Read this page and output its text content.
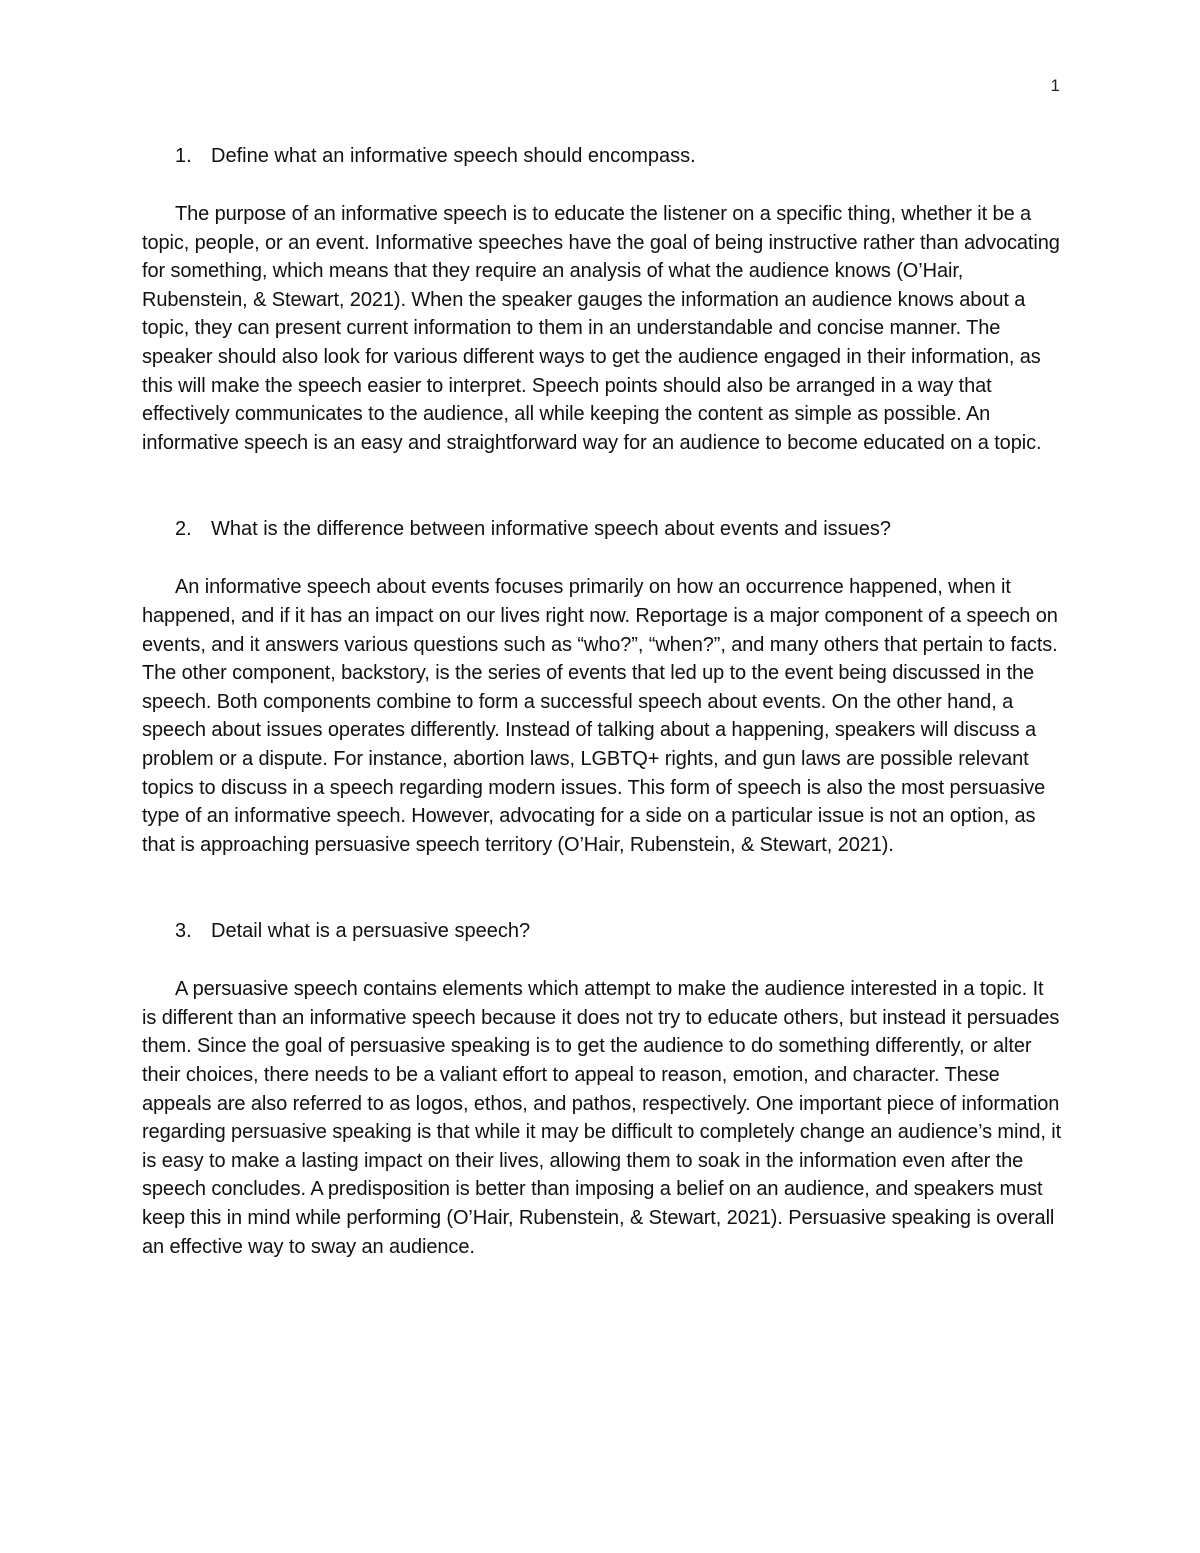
1

1. Define what an informative speech should encompass.

The purpose of an informative speech is to educate the listener on a specific thing, whether it be a topic, people, or an event. Informative speeches have the goal of being instructive rather than advocating for something, which means that they require an analysis of what the audience knows (O’Hair, Rubenstein, & Stewart, 2021). When the speaker gauges the information an audience knows about a topic, they can present current information to them in an understandable and concise manner. The speaker should also look for various different ways to get the audience engaged in their information, as this will make the speech easier to interpret. Speech points should also be arranged in a way that effectively communicates to the audience, all while keeping the content as simple as possible. An informative speech is an easy and straightforward way for an audience to become educated on a topic.

2. What is the difference between informative speech about events and issues?

An informative speech about events focuses primarily on how an occurrence happened, when it happened, and if it has an impact on our lives right now. Reportage is a major component of a speech on events, and it answers various questions such as “who?”, “when?”, and many others that pertain to facts. The other component, backstory, is the series of events that led up to the event being discussed in the speech. Both components combine to form a successful speech about events. On the other hand, a speech about issues operates differently. Instead of talking about a happening, speakers will discuss a problem or a dispute. For instance, abortion laws, LGBTQ+ rights, and gun laws are possible relevant topics to discuss in a speech regarding modern issues. This form of speech is also the most persuasive type of an informative speech. However, advocating for a side on a particular issue is not an option, as that is approaching persuasive speech territory (O’Hair, Rubenstein, & Stewart, 2021).

3. Detail what is a persuasive speech?

A persuasive speech contains elements which attempt to make the audience interested in a topic. It is different than an informative speech because it does not try to educate others, but instead it persuades them. Since the goal of persuasive speaking is to get the audience to do something differently, or alter their choices, there needs to be a valiant effort to appeal to reason, emotion, and character. These appeals are also referred to as logos, ethos, and pathos, respectively. One important piece of information regarding persuasive speaking is that while it may be difficult to completely change an audience’s mind, it is easy to make a lasting impact on their lives, allowing them to soak in the information even after the speech concludes. A predisposition is better than imposing a belief on an audience, and speakers must keep this in mind while performing (O’Hair, Rubenstein, & Stewart, 2021). Persuasive speaking is overall an effective way to sway an audience.
